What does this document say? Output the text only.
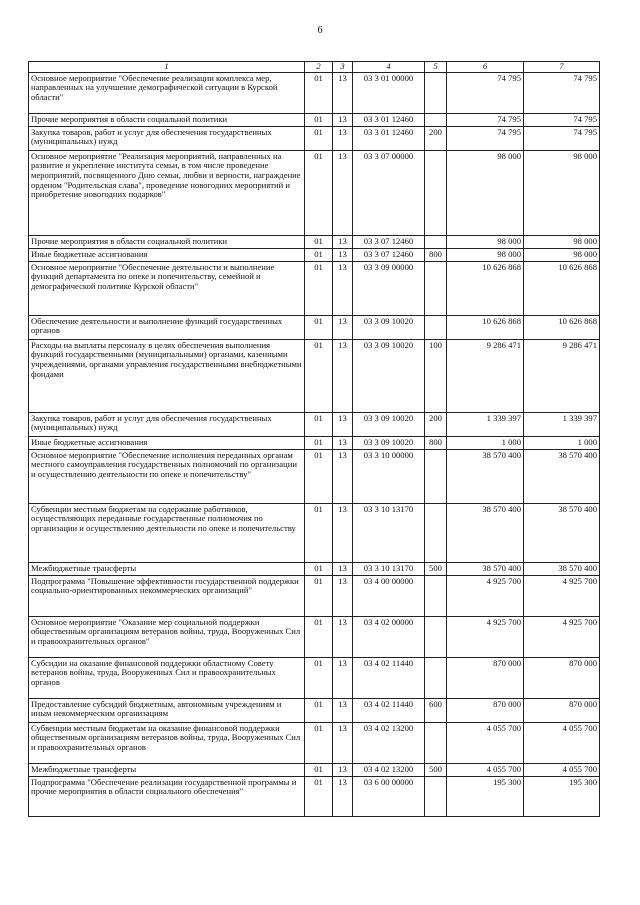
6
1	2	3	4	5	6	7
Основное мероприятие "Обеспечение реализации комплекса мер, направленных на улучшение демографической ситуации в Курской области"	01	13	03 3 01 00000		74 795	74 795
Прочие мероприятия в области социальной политики	01	13	03 3 01 12460		74 795	74 795
Закупка товаров, работ и услуг для обеспечения государственных (муниципальных) нужд	01	13	03 3 01 12460	200	74 795	74 795
Основное мероприятие "Реализация мероприятий, направленных на развитие и укрепление института семьи, в том числе проведение мероприятий, посвященного Дню семьи, любви и верности, награждение орденом "Родительская слава", проведение новогодних мероприятий и приобретение новогодних подарков"	01	13	03 3 07 00000		98 000	98 000
Прочие мероприятия в области социальной политики	01	13	03 3 07 12460		98 000	98 000
Иные бюджетные ассигнования	01	13	03 3 07 12460	800	98 000	98 000
Основное мероприятие "Обеспечение деятельности и выполнение функций департамента по опеке и попечительству, семейной и демографической политике Курской области"	01	13	03 3 09 00000		10 626 868	10 626 868
Обеспечение деятельности и выполнение функций государственных органов	01	13	03 3 09 10020		10 626 868	10 626 868
Расходы на выплаты персоналу в целях обеспечения выполнения функций государственными (муниципальными) органами, казенными учреждениями, органами управления государственными внебюджетными фондами	01	13	03 3 09 10020	100	9 286 471	9 286 471
Закупка товаров, работ и услуг для обеспечения государственных (муниципальных) нужд	01	13	03 3 09 10020	200	1 339 397	1 339 397
Иные бюджетные ассигнования	01	13	03 3 09 10020	800	1 000	1 000
Основное мероприятие "Обеспечение исполнения переданных органам местного самоуправления государственных полномочий по организации и осуществлению деятельности по опеке и попечительству"	01	13	03 3 10 00000		38 570 400	38 570 400
Субвенции местным бюджетам на содержание работников, осуществляющих переданные государственные полномочия по организации и осуществлению деятельности по опеке и попечительству	01	13	03 3 10 13170		38 570 400	38 570 400
Межбюджетные трансферты	01	13	03 3 10 13170	500	38 570 400	38 570 400
Подпрограмма "Повышение эффективности государственной поддержки социально-ориентированных некоммерческих организаций"	01	13	03 4 00 00000		4 925 700	4 925 700
Основное мероприятие "Оказание мер социальной поддержки общественным организациям ветеранов войны, труда, Вооруженных Сил и правоохранительных органов"	01	13	03 4 02 00000		4 925 700	4 925 700
Субсидии на оказание финансовой поддержки областному Совету ветеранов войны, труда, Вооруженных Сил и правоохранительных органов	01	13	03 4 02 11440		870 000	870 000
Предоставление субсидий бюджетным, автономным учреждениям и иным некоммерческим организациям	01	13	03 4 02 11440	600	870 000	870 000
Субвенции местным бюджетам на оказание финансовой поддержки общественным организациям ветеранов войны, труда, Вооруженных Сил и правоохранительных органов	01	13	03 4 02 13200		4 055 700	4 055 700
Межбюджетные трансферты	01	13	03 4 02 13200	500	4 055 700	4 055 700
Подпрограмма "Обеспечение реализации государственной программы и прочие мероприятия в области социального обеспечения"	01	13	03 6 00 00000		195 300	195 300
